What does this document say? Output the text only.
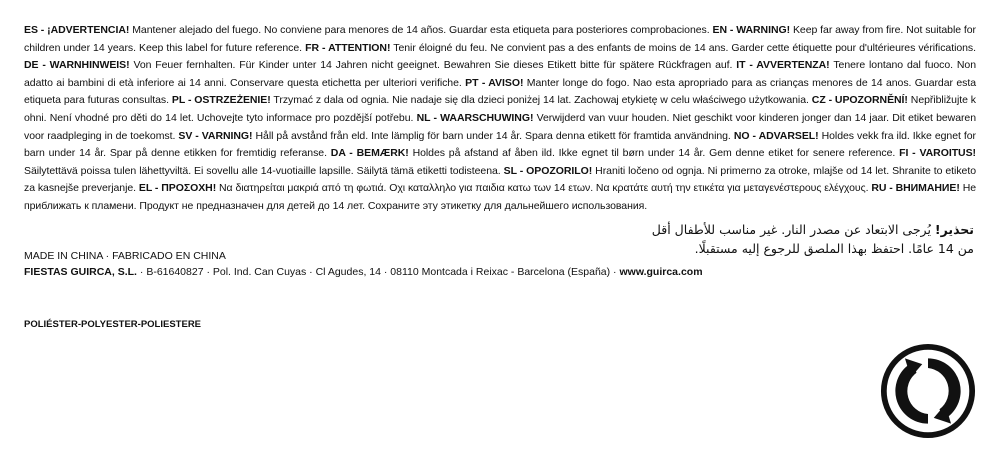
ES - ¡ADVERTENCIA! Mantener alejado del fuego. No conviene para menores de 14 años. Guardar esta etiqueta para posteriores comprobaciones. EN - WARNING! Keep far away from fire. Not suitable for children under 14 years. Keep this label for future reference. FR - ATTENTION! Tenir éloigné du feu. Ne convient pas a des enfants de moins de 14 ans. Garder cette étiquette pour d'ultérieures vérifications. DE - WARNHINWEIS! Von Feuer fernhalten. Für Kinder unter 14 Jahren nicht geeignet. Bewahren Sie dieses Etikett bitte für spätere Rückfragen auf. IT - AVVERTENZA! Tenere lontano dal fuoco. Non adatto ai bambini di età inferiore ai 14 anni. Conservare questa etichetta per ulteriori verifiche. PT - AVISO! Manter longe do fogo. Nao esta apropriado para as crianças menores de 14 anos. Guardar esta etiqueta para futuras consultas. PL - OSTRZEŻENIE! Trzymać z dala od ognia. Nie nadaje się dla dzieci poniżej 14 lat. Zachowaj etykietę w celu właściwego użytkowania. CZ - UPOZORNĚNÍ! Nepřibližujte k ohni. Není vhodné pro děti do 14 let. Uchovejte tyto informace pro pozdější potřebu. NL - WAARSCHUWING! Verwijderd van vuur houden. Niet geschikt voor kinderen jonger dan 14 jaar. Dit etiket bewaren voor raadpleging in de toekomst. SV - VARNING! Håll på avstånd från eld. Inte lämplig för barn under 14 år. Spara denna etikett för framtida användning. NO - ADVARSEL! Holdes vekk fra ild. Ikke egnet for barn under 14 år. Spar på denne etikken for fremtidig referanse. DA - BEMÆRK! Holdes på afstand af åben ild. Ikke egnet til børn under 14 år. Gem denne etiket for senere reference. FI - VAROITUS! Säilytettävä poissa tulen lähettyviltä. Ei sovellu alle 14-vuotiaille lapsille. Säilytä tämä etiketti todisteena. SL - OPOZORILO! Hraniti ločeno od ognja. Ni primerno za otroke, mlajše od 14 let. Shranite to etiketo za kasnejše preverjanje. EL - ΠΡΟΣΟΧΗ! Να διατηρείται μακριά από τη φωτιά. Οχι καταλληλο για παιδια κατω των 14 ετων. Να κρατάτε αυτή την ετικέτα για μεταγενέστερους ελέγχους. RU - ВНИМАНИЕ! Не приближать к пламени. Продукт не предназначен для детей до 14 лет. Сохраните эту этикетку для дальнейшего использования.
تحذير! يُرجى الابتعاد عن مصدر النار. غير مناسب للأطفال أقل
من 14 عامًا. احتفظ بهذا الملصق للرجوع إليه مستقبلًا.
MADE IN CHINA · FABRICADO EN CHINA
FIESTAS GUIRCA, S.L. · B-61640827 · Pol. Ind. Can Cuyas · Cl Agudes, 14 · 08110 Montcada i Reixac - Barcelona (España) · www.guirca.com
POLIÉSTER-POLYESTER-POLIESTERE
